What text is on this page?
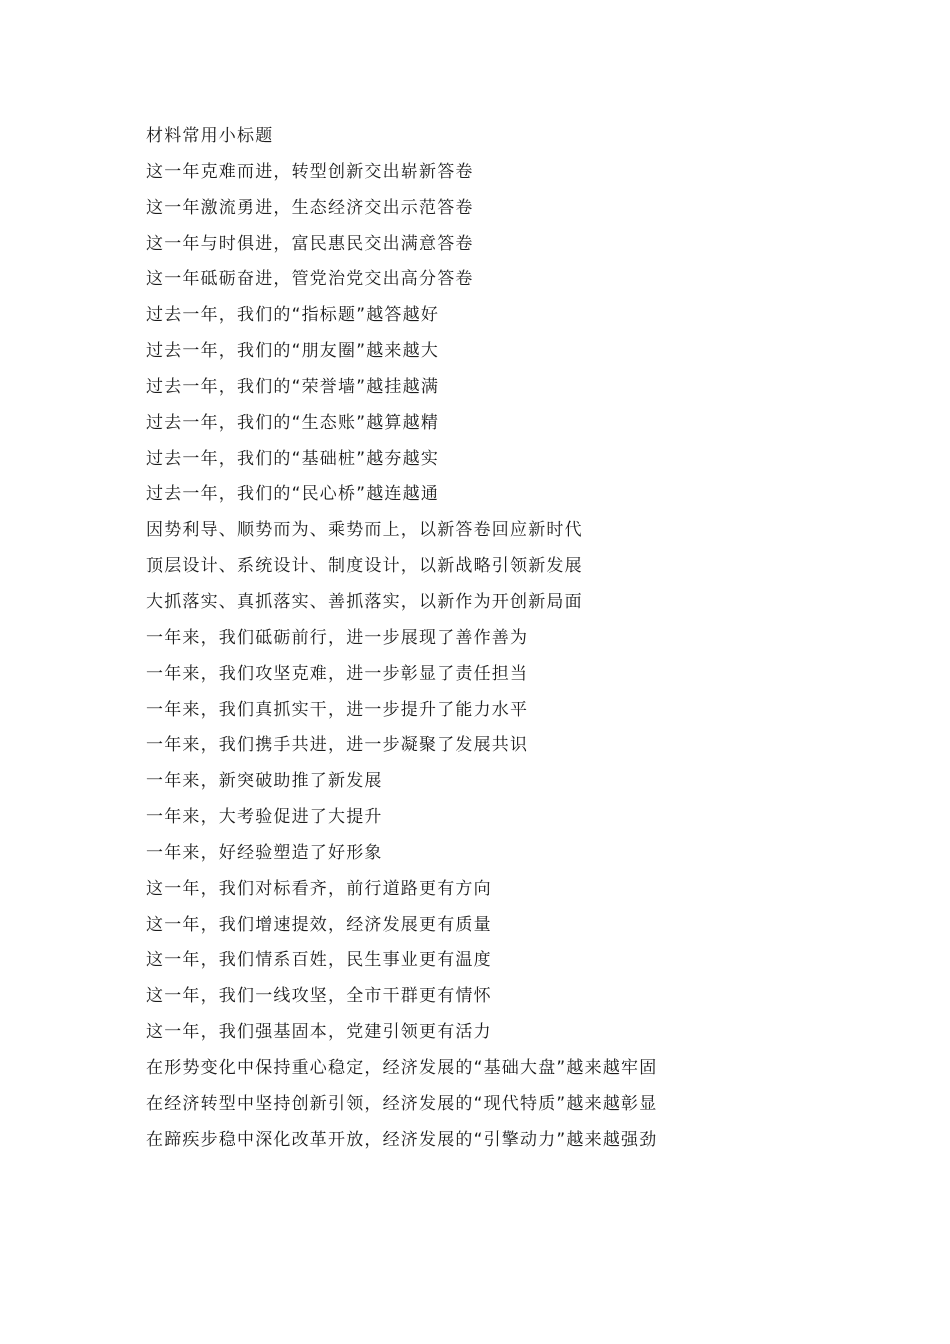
材料常用小标题
这一年克难而进，转型创新交出崭新答卷
这一年激流勇进，生态经济交出示范答卷
这一年与时俱进，富民惠民交出满意答卷
这一年砥砺奋进，管党治党交出高分答卷
过去一年，我们的“指标题”越答越好
过去一年，我们的“朋友圈”越来越大
过去一年，我们的“荣誉墙”越挂越满
过去一年，我们的“生态账”越算越精
过去一年，我们的“基础桩”越夯越实
过去一年，我们的“民心桥”越连越通
因势利导、顺势而为、乘势而上，以新答卷回应新时代
顶层设计、系统设计、制度设计，以新战略引领新发展
大抓落实、真抓落实、善抓落实，以新作为开创新局面
一年来，我们砥砺前行，进一步展现了善作善为
一年来，我们攻坚克难，进一步彰显了责任担当
一年来，我们真抓实干，进一步提升了能力水平
一年来，我们携手共进，进一步凝聚了发展共识
一年来，新突破助推了新发展
一年来，大考验促进了大提升
一年来，好经验塑造了好形象
这一年，我们对标看齐，前行道路更有方向
这一年，我们增速提效，经济发展更有质量
这一年，我们情系百姓，民生事业更有温度
这一年，我们一线攻坚，全市干群更有情怀
这一年，我们强基固本，党建引领更有活力
在形势变化中保持重心稳定，经济发展的“基础大盘”越来越牢固
在经济转型中坚持创新引领，经济发展的“现代特质”越来越彰显
在蹄疾步稳中深化改革开放，经济发展的“引擎动力”越来越强劲
